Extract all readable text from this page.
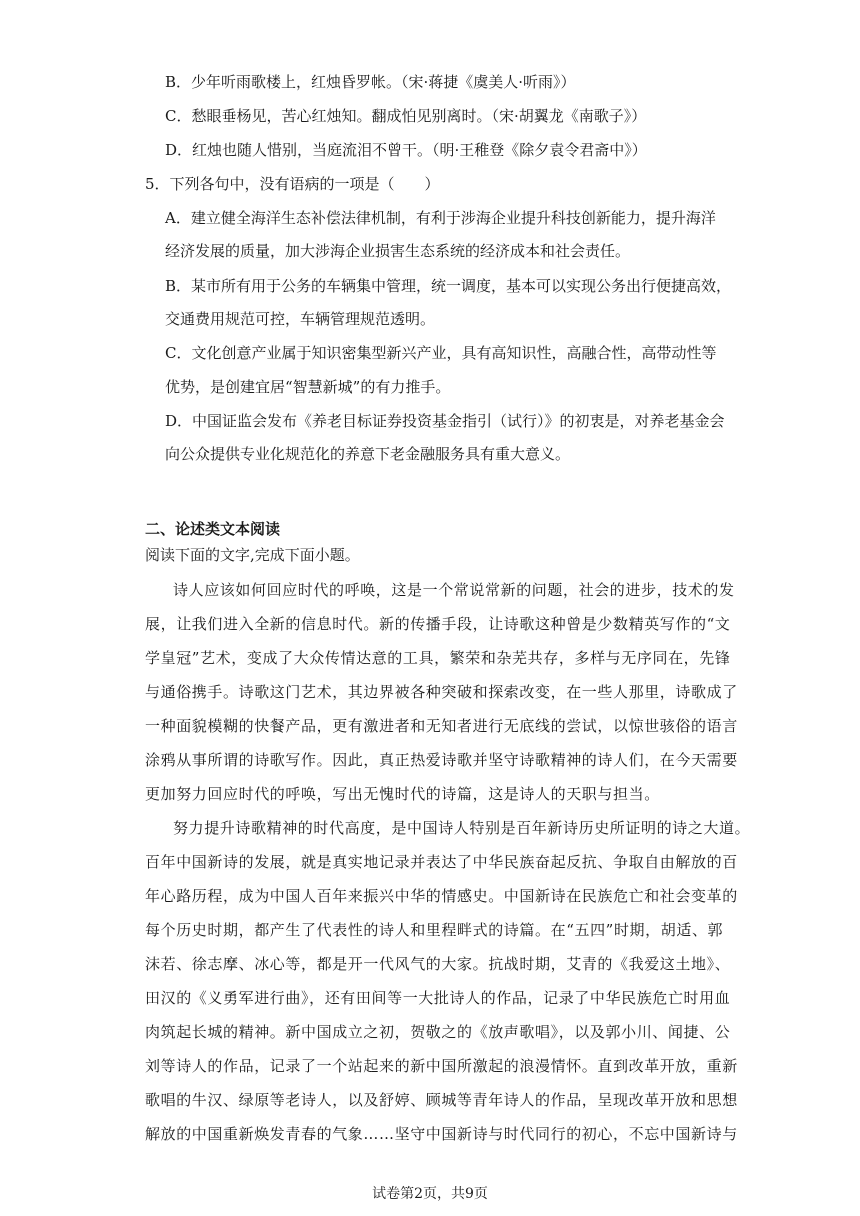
B．少年听雨歌楼上，红烛昏罗帐。（宋·蒋捷《虞美人·听雨》）
C．愁眼垂杨见，苦心红烛知。翻成怕见别离时。（宋·胡翼龙《南歌子》）
D．红烛也随人惜别，当庭流泪不曾干。（明·王稚登《除夕袁令君斋中》）
5．下列各句中，没有语病的一项是（　　）
A．建立健全海洋生态补偿法律机制，有利于涉海企业提升科技创新能力，提升海洋
经济发展的质量，加大涉海企业损害生态系统的经济成本和社会责任。
B．某市所有用于公务的车辆集中管理，统一调度，基本可以实现公务出行便捷高效，
交通费用规范可控，车辆管理规范透明。
C．文化创意产业属于知识密集型新兴产业，具有高知识性，高融合性，高带动性等
优势，是创建宜居“智慧新城”的有力推手。
D．中国证监会发布《养老目标证券投资基金指引（试行）》的初衷是，对养老基金会
向公众提供专业化规范化的养意下老金融服务具有重大意义。
二、论述类文本阅读
阅读下面的文字,完成下面小题。
诗人应该如何回应时代的呼唤，这是一个常说常新的问题，社会的进步，技术的发
展，让我们进入全新的信息时代。新的传播手段，让诗歌这种曾是少数精英写作的“文
学皇冠”艺术，变成了大众传情达意的工具，繁荣和杂芜共存，多样与无序同在，先锋
与通俗携手。诗歌这门艺术，其边界被各种突破和探索改变，在一些人那里，诗歌成了
一种面貌模糊的快餐产品，更有激进者和无知者进行无底线的尝试，以惊世骇俗的语言
涂鸦从事所谓的诗歌写作。因此，真正热爱诗歌并坚守诗歌精神的诗人们，在今天需要
更加努力回应时代的呼唤，写出无愧时代的诗篇，这是诗人的天职与担当。
努力提升诗歌精神的时代高度，是中国诗人特别是百年新诗历史所证明的诗之大道。
百年中国新诗的发展，就是真实地记录并表达了中华民族奋起反抗、争取自由解放的百
年心路历程，成为中国人百年来振兴中华的情感史。中国新诗在民族危亡和社会变革的
每个历史时期，都产生了代表性的诗人和里程畔式的诗篇。在“五四”时期，胡适、郭
沫若、徐志摩、冰心等，都是开一代风气的大家。抗战时期，艾青的《我爱这土地》、
田汉的《义勇军进行曲》，还有田间等一大批诗人的作品，记录了中华民族危亡时用血
肉筑起长城的精神。新中国成立之初，贺敬之的《放声歌唱》，以及郭小川、闻捷、公
刘等诗人的作品，记录了一个站起来的新中国所激起的浪漫情怀。直到改革开放，重新
歌唱的牛汉、绿原等老诗人，以及舒婷、顾城等青年诗人的作品，呈现改革开放和思想
解放的中国重新焕发青春的气象……坚守中国新诗与时代同行的初心，不忘中国新诗与
试卷第2页，共9页
